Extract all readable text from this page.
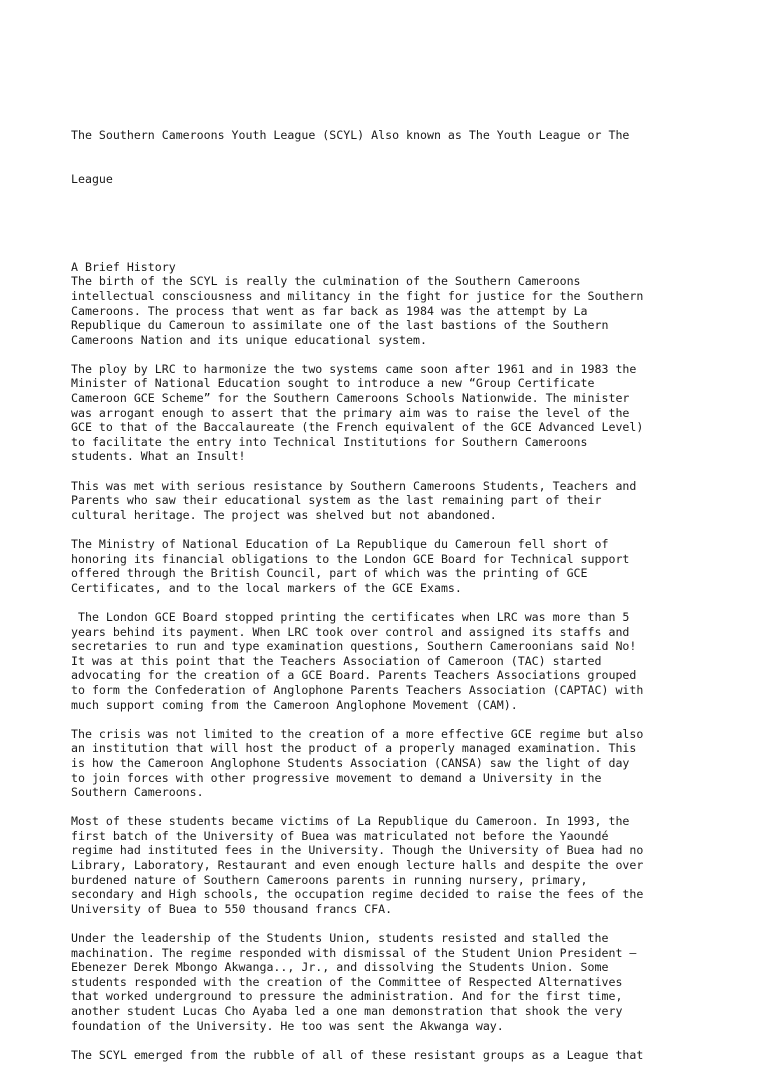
The Southern Cameroons Youth League (SCYL) Also known as The Youth League or The

League

A Brief History
The birth of the SCYL is really the culmination of the Southern Cameroons
intellectual consciousness and militancy in the fight for justice for the Southern
Cameroons. The process that went as far back as 1984 was the attempt by La
Republique du Cameroun to assimilate one of the last bastions of the Southern
Cameroons Nation and its unique educational system.
The ploy by LRC to harmonize the two systems came soon after 1961 and in 1983 the
Minister of National Education sought to introduce a new “Group Certificate
Cameroon GCE Scheme” for the Southern Cameroons Schools Nationwide. The minister
was arrogant enough to assert that the primary aim was to raise the level of the
GCE to that of the Baccalaureate (the French equivalent of the GCE Advanced Level)
to facilitate the entry into Technical Institutions for Southern Cameroons
students. What an Insult!
This was met with serious resistance by Southern Cameroons Students, Teachers and
Parents who saw their educational system as the last remaining part of their
cultural heritage. The project was shelved but not abandoned.
The Ministry of National Education of La Republique du Cameroun fell short of
honoring its financial obligations to the London GCE Board for Technical support
offered through the British Council, part of which was the printing of GCE
Certificates, and to the local markers of the GCE Exams.
The London GCE Board stopped printing the certificates when LRC was more than 5
years behind its payment. When LRC took over control and assigned its staffs and
secretaries to run and type examination questions, Southern Cameroonians said No!
It was at this point that the Teachers Association of Cameroon (TAC) started
advocating for the creation of a GCE Board. Parents Teachers Associations grouped
to form the Confederation of Anglophone Parents Teachers Association (CAPTAC) with
much support coming from the Cameroon Anglophone Movement (CAM).
The crisis was not limited to the creation of a more effective GCE regime but also
an institution that will host the product of a properly managed examination. This
is how the Cameroon Anglophone Students Association (CANSA) saw the light of day
to join forces with other progressive movement to demand a University in the
Southern Cameroons.
Most of these students became victims of La Republique du Cameroon. In 1993, the
first batch of the University of Buea was matriculated not before the Yaoundé
regime had instituted fees in the University. Though the University of Buea had no
Library, Laboratory, Restaurant and even enough lecture halls and despite the over
burdened nature of Southern Cameroons parents in running nursery, primary,
secondary and High schools, the occupation regime decided to raise the fees of the
University of Buea to 550 thousand francs CFA.
Under the leadership of the Students Union, students resisted and stalled the
machination. The regime responded with dismissal of the Student Union President –
Ebenezer Derek Mbongo Akwanga.., Jr., and dissolving the Students Union. Some
students responded with the creation of the Committee of Respected Alternatives
that worked underground to pressure the administration. And for the first time,
another student Lucas Cho Ayaba led a one man demonstration that shook the very
foundation of the University. He too was sent the Akwanga way.
The SCYL emerged from the rubble of all of these resistant groups as a League that
